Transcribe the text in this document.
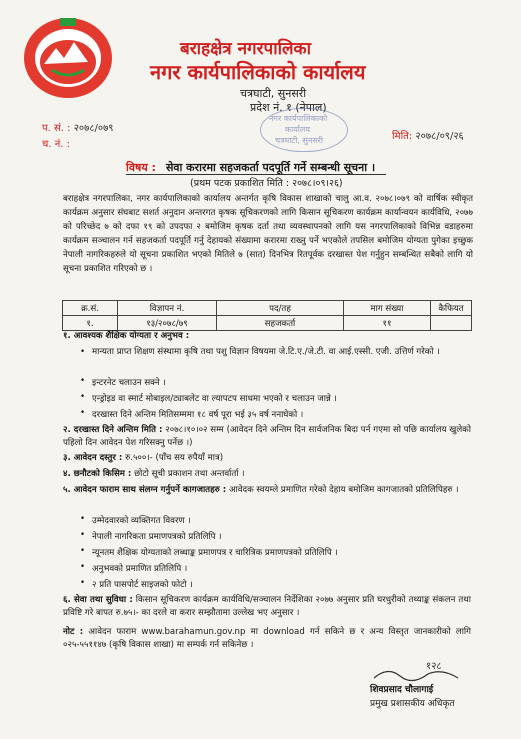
बराहक्षेत्र नगरपालिका
नगर कार्यपालिकाको कार्यालय
चत्रघाटी, सुनसरी
प्रदेश नं. १ (नेपाल)
नगर कार्यपालिकाको
कार्यालय
चत्रघाटी, सुनसरी
प. सं. : २०७८/०७९
च. नं. :
मिति: २०७८/०९/२६
विषय : सेवा करारमा सहजकर्ता पदपूर्ति गर्ने सम्बन्धी सूचना ।
(प्रथम पटक प्रकाशित मिति : २०७८।०९।२६)
बराहक्षेत्र नगरपालिका, नगर कार्यपालिकाको कार्यालय अन्तर्गत कृषि विकास शाखाको चालु आ.व. २०७८।०७९ को वार्षिक स्वीकृत कार्यक्रम अनुसार संघबाट सशर्त अनुदान अन्तरगत कृषक सूचिकरणको लागि किसान सूचिकरण कार्यक्रम कार्यान्वयन कार्यविधि, २०७७ को परिच्छेद ७ को दफा १९ को उपदफा २ बमोजिम कृषक दर्ता तथा व्यवस्थापनको लागि यस नगरपालिकाको विभिन्न वडाहरुमा कार्यक्रम सञ्चालन गर्न सहजकर्ता पदपूर्ति गर्नु देहायको संख्यामा करारमा राख्नु पर्ने भएकोले तपसिल बमोजिम योग्यता पुगेका इच्छुक नेपाली नागरिकहरुले यो सूचना प्रकाशित भएको मितिले ७ (सात) दिनभित्र रितपूर्वक दरखास्त पेश गर्नुहुन सम्बन्धित सबैको लागि यो सूचना प्रकाशित गरिएको छ ।
क्र.सं.	विज्ञापन नं.	पद/तह	माग संख्या	कैफियत
१.	१३/२०७८/७९	सहजकर्ता	११	
१. आवश्यक शैक्षिक योग्यता र अनुभव :
• मान्यता प्राप्त शिक्षण संस्थामा कृषि तथा पशु विज्ञान विषयमा जे.टि.ए./जे.टी. वा आई.एस्सी. एजी. उत्तिर्ण गरेको ।
• इन्टरनेट चलाउन सक्ने ।
• एन्ड्रोइड वा स्मार्ट मोबाइल/ट्याबलेट वा ल्यापटप साधमा भएको र चलाउन जान्ने ।
• दरखास्त दिने अन्तिम मितिसम्ममा १८ वर्ष पूरा भई ३५ वर्ष ननाघेको ।
२. दरखास्त दिने अन्तिम मिति : २०७८।१०।०२ सम्म (आवेदन दिने अन्तिम दिन सार्वजनिक बिदा पर्न गएमा सो पछि कार्यालय खुलेको पहिलो दिन आवेदन पेश गरिसक्नु पर्नेछ ।)
३. आवेदन दस्तुर : रु.५००।- (पाँच सय रुपैयाँ मात्र)
४. छनौटको किसिम : छोटो सूची प्रकाशन तथा अन्तर्वार्ता ।
५. आवेदन फाराम साथ संलग्न गर्नुपर्ने कागजातहरु : आवेदक स्वयम्ले प्रमाणित गरेको देहाय बमोजिम कागजातको प्रतिलिपिहरु ।
• उम्मेदवारको व्यक्तिगत विवरण ।
• नेपाली नागरिकता प्रमाणपत्रको प्रतिलिपि ।
• न्यूनतम शैक्षिक योग्यताको लब्धाङ्क प्रमाणपत्र र चारित्रिक प्रमाणपत्रको प्रतिलिपि ।
• अनुभवको प्रमाणित प्रतिलिपि ।
• २ प्रति पासपोर्ट साइजको फोटो ।
६. सेवा तथा सुविधा : किसान सूचिकरण कार्यक्रम कार्यविधि/सञ्चालन निर्देशिका २०७७ अनुसार प्रति घरधुरीको तथ्याङ्क संकलन तथा प्रविष्टि गरे बापत रु.७५।- का दरले वा करार सम्झौतामा उल्लेख भए अनुसार ।
नोट : आवेदन फाराम www.barahamun.gov.np मा download गर्न सकिने छ र अन्य विस्तृत जानकारीको लागि ०२५-५५११४७ (कृषि विकास शाखा) मा सम्पर्क गर्न सकिनेछ ।
१२८
शिवप्रसाद चौलागाई
प्रमुख प्रशासकीय अधिकृत
